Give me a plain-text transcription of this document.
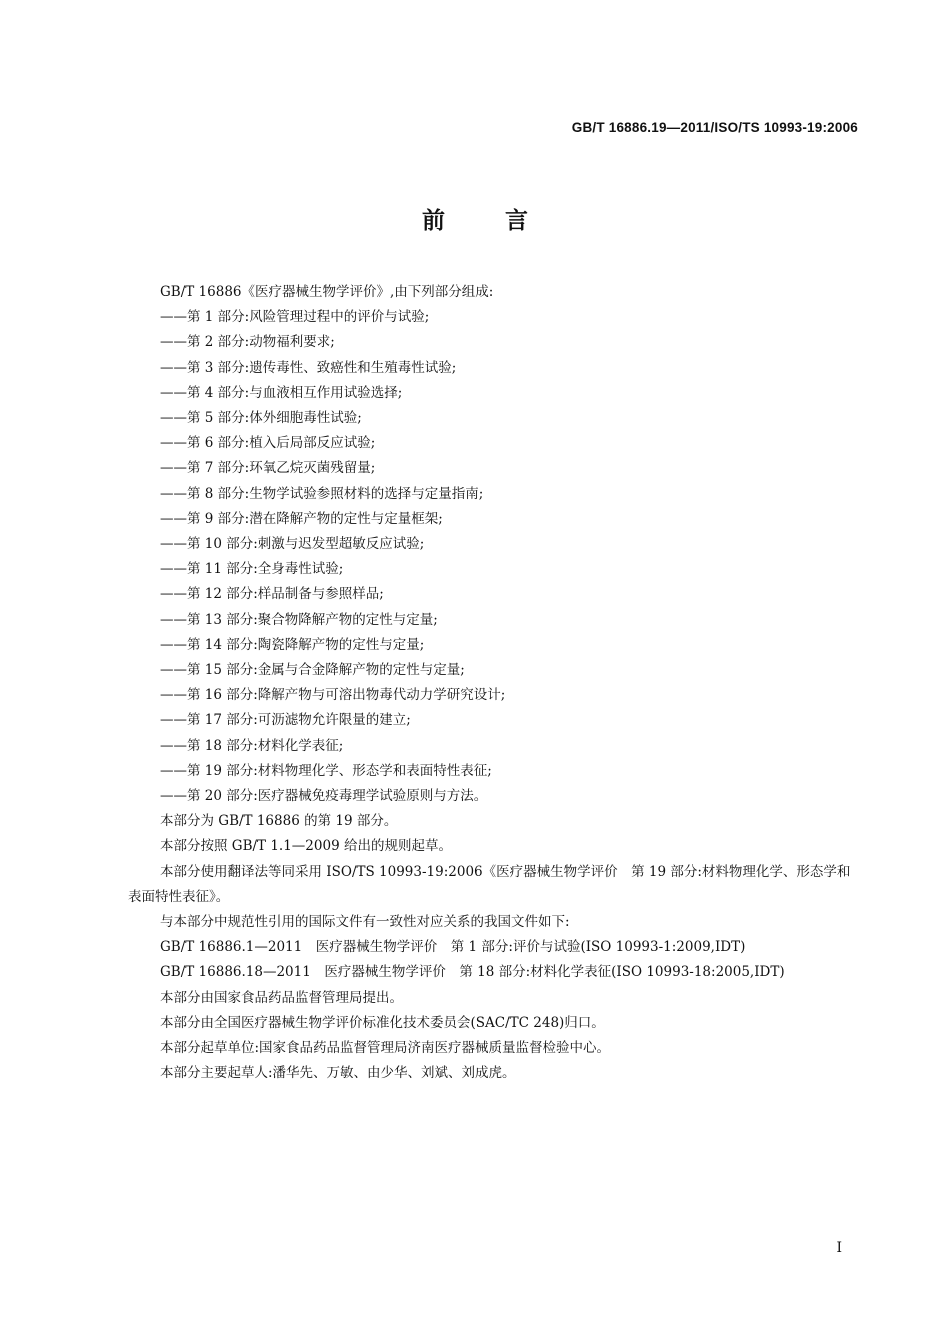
GB/T 16886.19—2011/ISO/TS 10993-19:2006
前言

GB/T 16886《医疗器械生物学评价》,由下列部分组成:

——第 1 部分:风险管理过程中的评价与试验;

——第 2 部分:动物福利要求;

——第 3 部分:遗传毒性、致癌性和生殖毒性试验;

——第 4 部分:与血液相互作用试验选择;

——第 5 部分:体外细胞毒性试验;

——第 6 部分:植入后局部反应试验;

——第 7 部分:环氧乙烷灭菌残留量;

——第 8 部分:生物学试验参照材料的选择与定量指南;

——第 9 部分:潜在降解产物的定性与定量框架;

——第 10 部分:刺激与迟发型超敏反应试验;

——第 11 部分:全身毒性试验;

——第 12 部分:样品制备与参照样品;

——第 13 部分:聚合物降解产物的定性与定量;

——第 14 部分:陶瓷降解产物的定性与定量;

——第 15 部分:金属与合金降解产物的定性与定量;

——第 16 部分:降解产物与可溶出物毒代动力学研究设计;

——第 17 部分:可沥滤物允许限量的建立;

——第 18 部分:材料化学表征;

——第 19 部分:材料物理化学、形态学和表面特性表征;

——第 20 部分:医疗器械免疫毒理学试验原则与方法。

本部分为 GB/T 16886 的第 19 部分。

本部分按照 GB/T 1.1—2009 给出的规则起草。

本部分使用翻译法等同采用 ISO/TS 10993-19:2006《医疗器械生物学评价　第 19 部分:材料物理化学、形态学和表面特性表征》。

与本部分中规范性引用的国际文件有一致性对应关系的我国文件如下:

GB/T 16886.1—2011　医疗器械生物学评价　第 1 部分:评价与试验(ISO 10993-1:2009,IDT)

GB/T 16886.18—2011　医疗器械生物学评价　第 18 部分:材料化学表征(ISO 10993-18:2005,IDT)

本部分由国家食品药品监督管理局提出。

本部分由全国医疗器械生物学评价标准化技术委员会(SAC/TC 248)归口。

本部分起草单位:国家食品药品监督管理局济南医疗器械质量监督检验中心。

本部分主要起草人:潘华先、万敏、由少华、刘斌、刘成虎。

I
